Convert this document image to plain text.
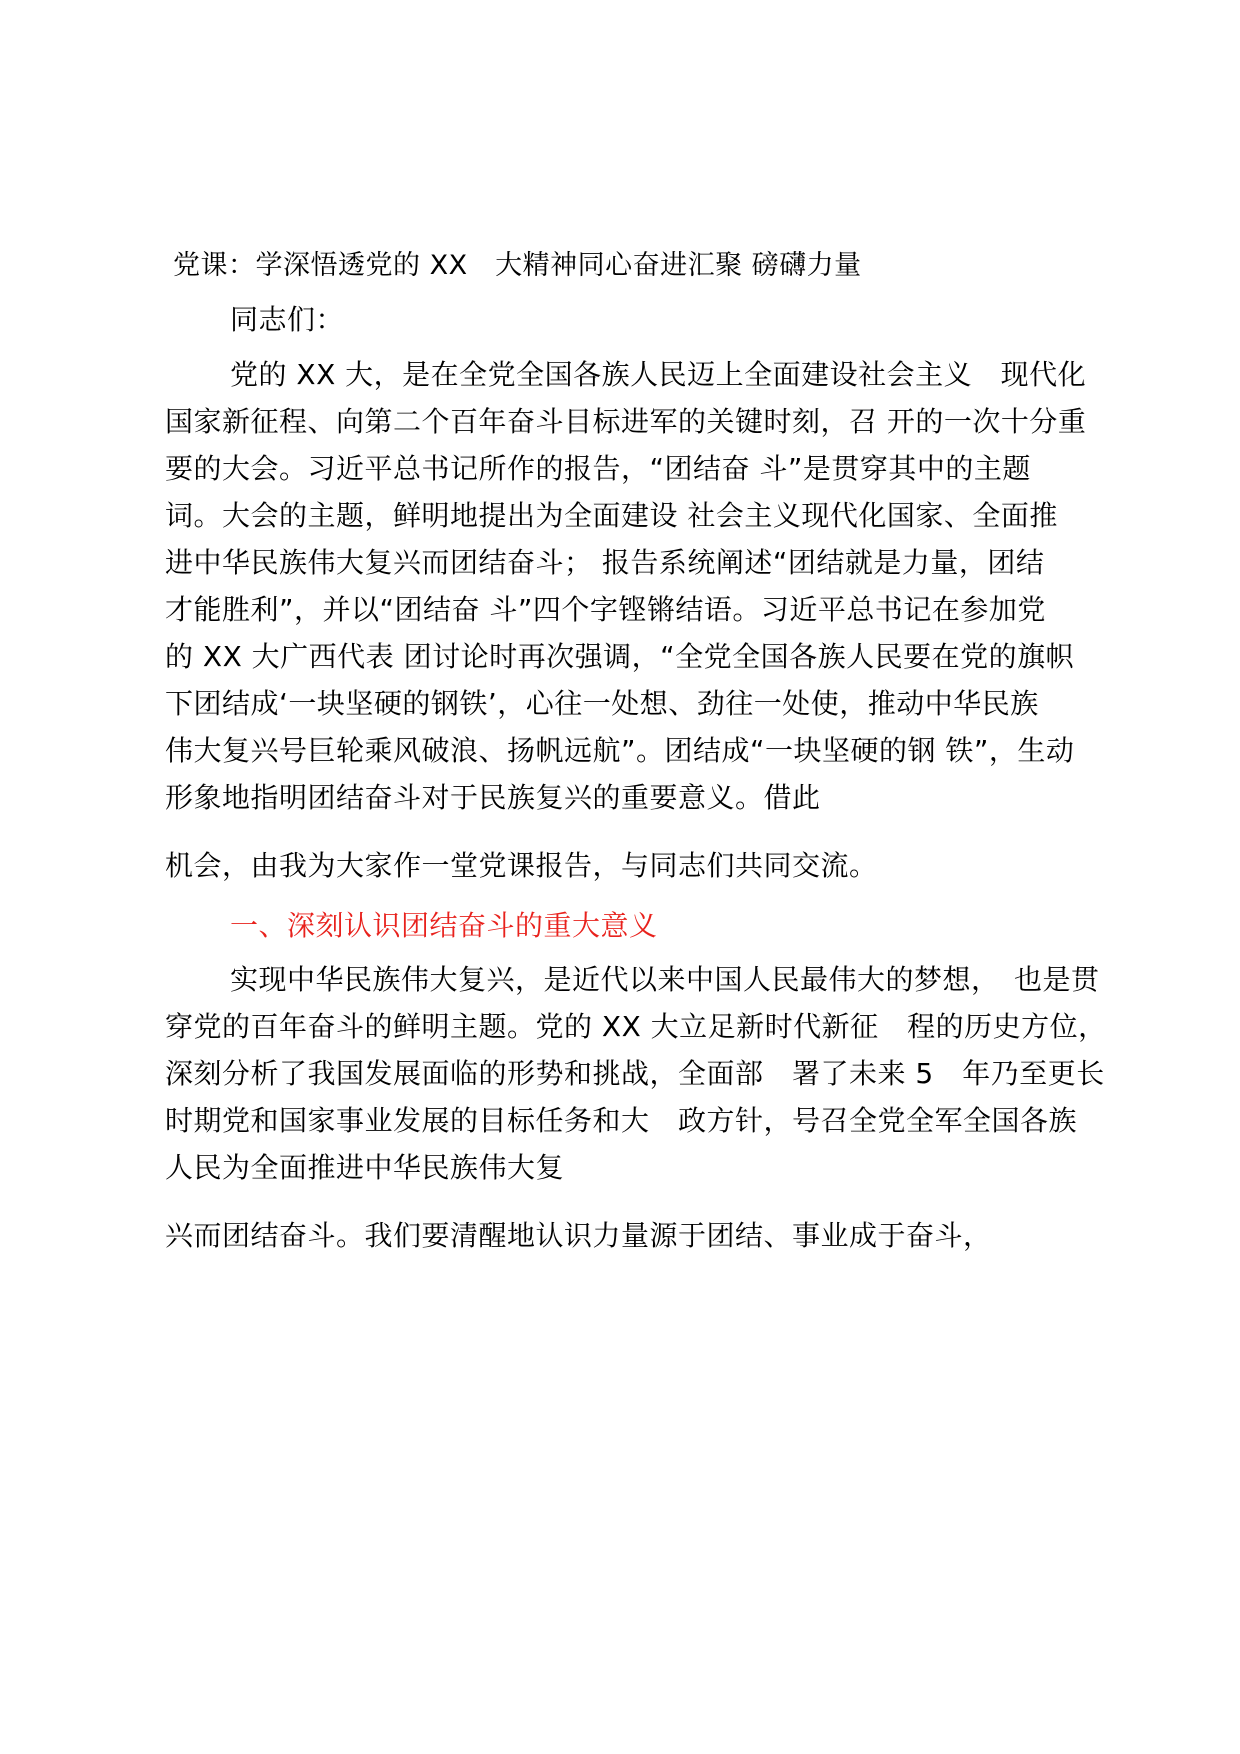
党课：学深悟透党的 XX　大精神同心奋进汇聚 磅礴力量
同志们：
党的 XX 大，是在全党全国各族人民迈上全面建设社会主义　现代化
国家新征程、向第二个百年奋斗目标进军的关键时刻，召 开的一次十分重
要的大会。习近平总书记所作的报告，“团结奋 斗”是贯穿其中的主题
词。大会的主题，鲜明地提出为全面建设 社会主义现代化国家、全面推
进中华民族伟大复兴而团结奋斗； 报告系统阐述“团结就是力量，团结
才能胜利”，并以“团结奋 斗”四个字铿锵结语。习近平总书记在参加党
的 XX 大广西代表 团讨论时再次强调，“全党全国各族人民要在党的旗帜
下团结成‘一块坚硬的钢铁’，心往一处想、劲往一处使，推动中华民族
伟大复兴号巨轮乘风破浪、扬帆远航”。团结成“一块坚硬的钢 铁”，生动
形象地指明团结奋斗对于民族复兴的重要意义。借此
机会，由我为大家作一堂党课报告，与同志们共同交流。
一、深刻认识团结奋斗的重大意义
实现中华民族伟大复兴，是近代以来中国人民最伟大的梦想，　也是贯
穿党的百年奋斗的鲜明主题。党的 XX 大立足新时代新征　程的历史方位，
深刻分析了我国发展面临的形势和挑战，全面部　署了未来 5　年乃至更长
时期党和国家事业发展的目标任务和大　政方针，号召全党全军全国各族
人民为全面推进中华民族伟大复
兴而团结奋斗。我们要清醒地认识力量源于团结、事业成于奋斗，
